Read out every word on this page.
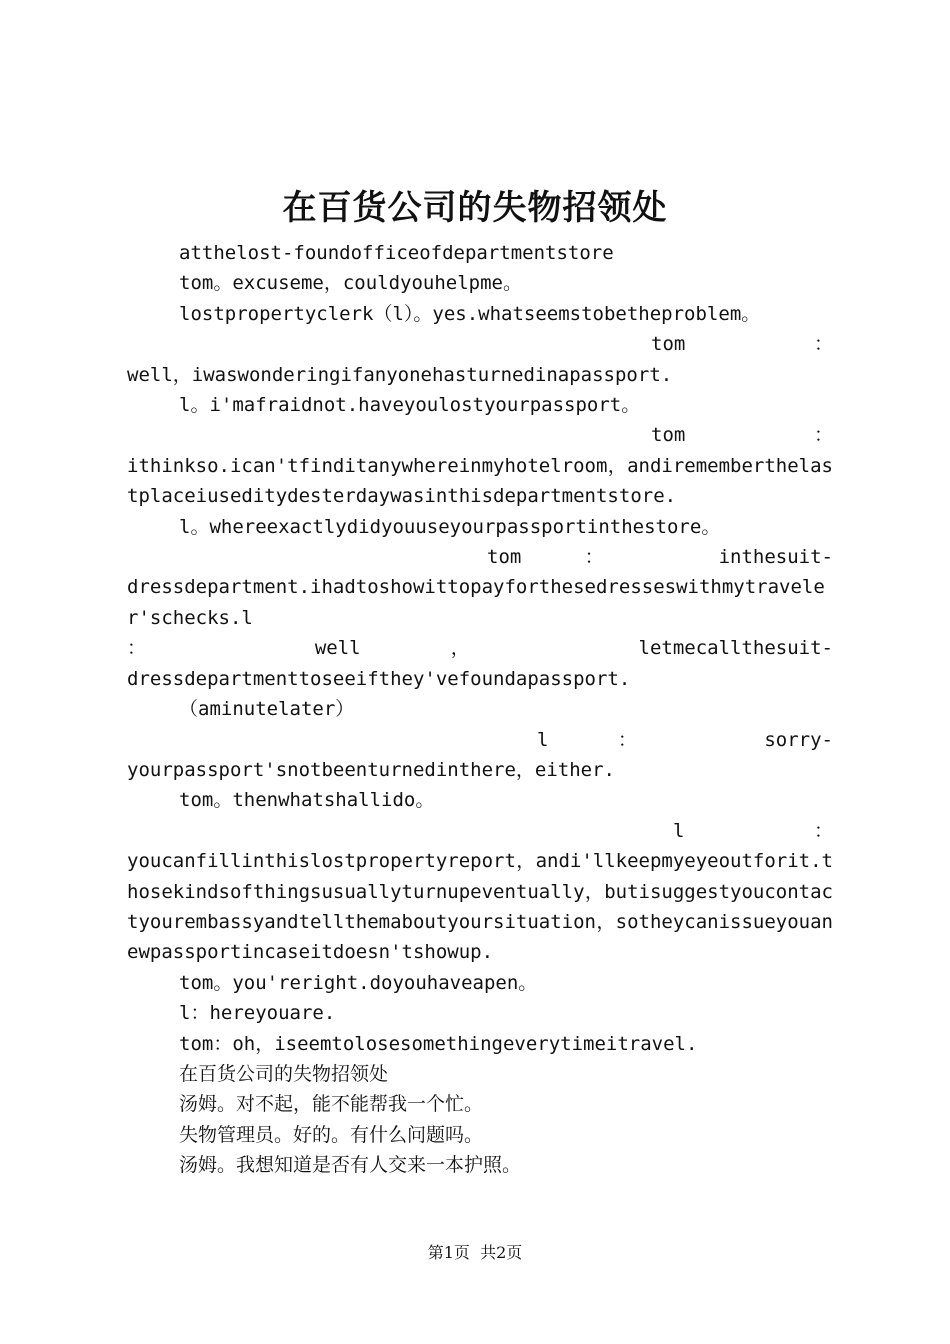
在百货公司的失物招领处

atthelost-foundofficeofdepartmentstore

tom。excuseme，couldyouhelpme。

lostpropertyclerk（l）。yes.whatseemstobetheproblem。

tom	：

well，iwaswonderingifanyonehasturnedinapassport.

l。i'mafraidnot.haveyoulostyourpassport。

tom	：

ithinkso.ican'tfinditanywhereinmyhotelroom，andirememberthelastplaceiuseditydesterdaywasinthisdepartmentstore.

l。whereexactlydidyouuseyourpassportinthestore。

tom	：	inthesuit-

dressdepartment.ihadtoshowittopayforthesedresseswithmytraveler'schecks.l

：	well	，	letmecallthesuit-

dressdepartmenttoseeifthey'vefoundapassport.

（aminutelater）

l	：	sorry-

yourpassport'snotbeenturnedinthere，either.

tom。thenwhatshallido。

l	：

youcanfillinthislostpropertyreport，andi'llkeepmyeyeoutforit.thosekindsofthingsusuallyturnupeventually，butisuggestyoucontactyourembassyandtellthemaboutyoursituation，sotheycanissueyouanewpassportincaseitdoesn'tshowup.

tom。you'reright.doyouhaveapen。

l：hereyouare.

tom：oh，iseemtolosesomethingeverytimeitravel.

在百货公司的失物招领处

汤姆。对不起，能不能帮我一个忙。

失物管理员。好的。有什么问题吗。

汤姆。我想知道是否有人交来一本护照。

第1页 共2页
